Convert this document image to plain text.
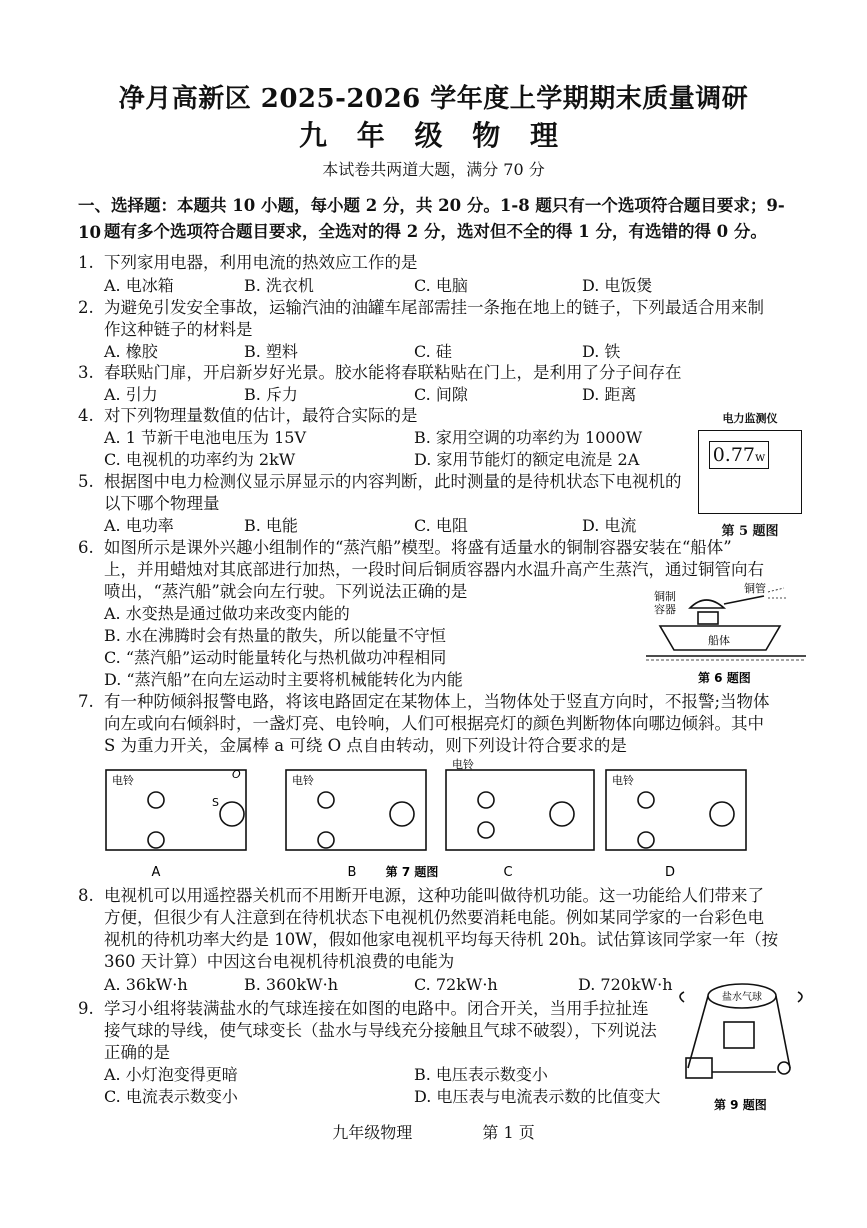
净月高新区 2025-2026 学年度上学期期末质量调研
九 年 级 物 理
本试卷共两道大题，满分 70 分
一、选择题：本题共 10 小题，每小题 2 分，共 20 分。1-8 题只有一个选项符合题目要求；9-10 题有多个选项符合题目要求，全选对的得 2 分，选对但不全的得 1 分，有选错的得 0 分。
1. 下列家用电器，利用电流的热效应工作的是
A. 电冰箱	B. 洗衣机	C. 电脑	D. 电饭煲
2. 为避免引发安全事故，运输汽油的油罐车尾部需挂一条拖在地上的链子，下列最适合用来制
作这种链子的材料是
A. 橡胶	B. 塑料	C. 硅	D. 铁
3. 春联贴门扉，开启新岁好光景。胶水能将春联粘贴在门上，是利用了分子间存在
A. 引力	B. 斥力	C. 间隙	D. 距离
4. 对下列物理量数值的估计，最符合实际的是
A. 1 节新干电池电压为 15V	B. 家用空调的功率约为 1000W
C. 电视机的功率约为 2kW	D. 家用节能灯的额定电流是 2A
电力监测仪
0.77w
第 5 题图
5. 根据图中电力检测仪显示屏显示的内容判断，此时测量的是待机状态下电视机的
以下哪个物理量
A. 电功率	B. 电能	C. 电阻	D. 电流
6. 如图所示是课外兴趣小组制作的“蒸汽船”模型。将盛有适量水的铜制容器安装在“船体”
上，并用蜡烛对其底部进行加热，一段时间后铜质容器内水温升高产生蒸汽，通过铜管向右
喷出，“蒸汽船”就会向左行驶。下列说法正确的是
A. 水变热是通过做功来改变内能的
B. 水在沸腾时会有热量的散失，所以能量不守恒
C. “蒸汽船”运动时能量转化与热机做功冲程相同
D. “蒸汽船”在向左运动时主要将机械能转化为内能
铜管
铜制
容器
船体
第 6 题图
7. 有一种防倾斜报警电路，将该电路固定在某物体上，当物体处于竖直方向时，不报警;当物体
向左或向右倾斜时，一盏灯亮、电铃响，人们可根据亮灯的颜色判断物体向哪边倾斜。其中
S 为重力开关，金属棒 a 可绕 O 点自由转动，则下列设计符合要求的是
电铃
S
O
A
电铃
B
电铃
C
电铃
D
第 7 题图
8. 电视机可以用遥控器关机而不用断开电源，这种功能叫做待机功能。这一功能给人们带来了
方便，但很少有人注意到在待机状态下电视机仍然要消耗电能。例如某同学家的一台彩色电
视机的待机功率大约是 10W，假如他家电视机平均每天待机 20h。试估算该同学家一年（按
360 天计算）中因这台电视机待机浪费的电能为
A. 36kW·h	B. 360kW·h	C. 72kW·h	D. 720kW·h
9. 学习小组将装满盐水的气球连接在如图的电路中。闭合开关，当用手拉扯连
接气球的导线，使气球变长（盐水与导线充分接触且气球不破裂），下列说法
正确的是
A. 小灯泡变得更暗	B. 电压表示数变小
C. 电流表示数变小	D. 电压表与电流表示数的比值变大
盐水气球
第 9 题图
九年级物理	第 1 页
